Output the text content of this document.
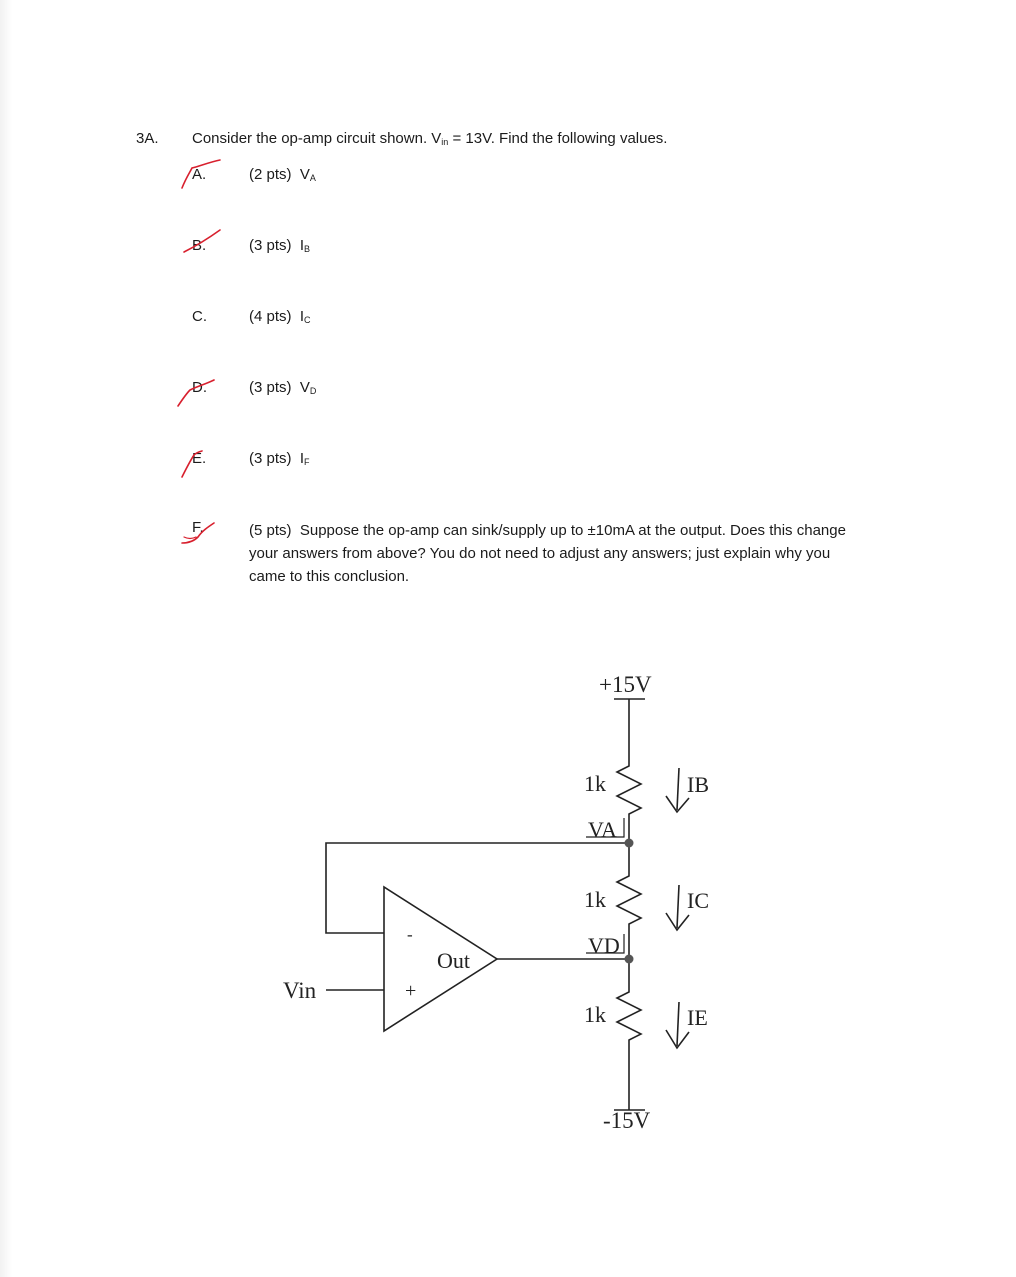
3A. Consider the op-amp circuit shown. $V_{in} = 13V$. Find the following values.
A.	(2 pts) $V_A$
B.	(3 pts) $I_B$
C.	(4 pts) $I_C$
D.	(3 pts) $V_D$
E.	(3 pts) $I_F$
F.	(5 pts) Suppose the op-amp can sink/supply up to ±10mA at the output. Does this change your answers from above? You do not need to adjust any answers; just explain why you came to this conclusion.
+15V
1k	IB
VA
1k	IC
VD
1k	IE
-15V
-
+
Out
Vin
